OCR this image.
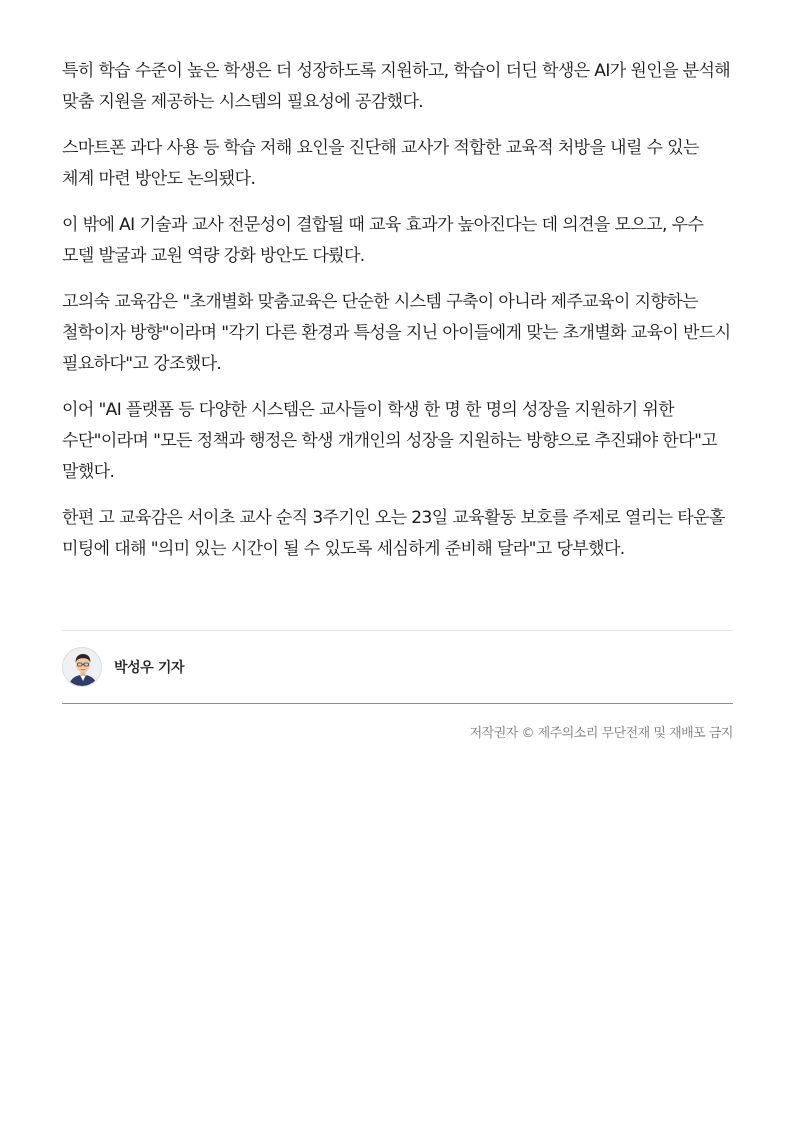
특히 학습 수준이 높은 학생은 더 성장하도록 지원하고, 학습이 더딘 학생은 AI가 원인을 분석해 맞춤 지원을 제공하는 시스템의 필요성에 공감했다.

스마트폰 과다 사용 등 학습 저해 요인을 진단해 교사가 적합한 교육적 처방을 내릴 수 있는 체계 마련 방안도 논의됐다.

이 밖에 AI 기술과 교사 전문성이 결합될 때 교육 효과가 높아진다는 데 의견을 모으고, 우수 모델 발굴과 교원 역량 강화 방안도 다뤘다.

고의숙 교육감은 "초개별화 맞춤교육은 단순한 시스템 구축이 아니라 제주교육이 지향하는 철학이자 방향"이라며 "각기 다른 환경과 특성을 지닌 아이들에게 맞는 초개별화 교육이 반드시 필요하다"고 강조했다.

이어 "AI 플랫폼 등 다양한 시스템은 교사들이 학생 한 명 한 명의 성장을 지원하기 위한 수단"이라며 "모든 정책과 행정은 학생 개개인의 성장을 지원하는 방향으로 추진돼야 한다"고 말했다.

한편 고 교육감은 서이초 교사 순직 3주기인 오는 23일 교육활동 보호를 주제로 열리는 타운홀 미팅에 대해 "의미 있는 시간이 될 수 있도록 세심하게 준비해 달라"고 당부했다.

박성우 기자
저작권자 © 제주의소리 무단전재 및 재배포 금지
